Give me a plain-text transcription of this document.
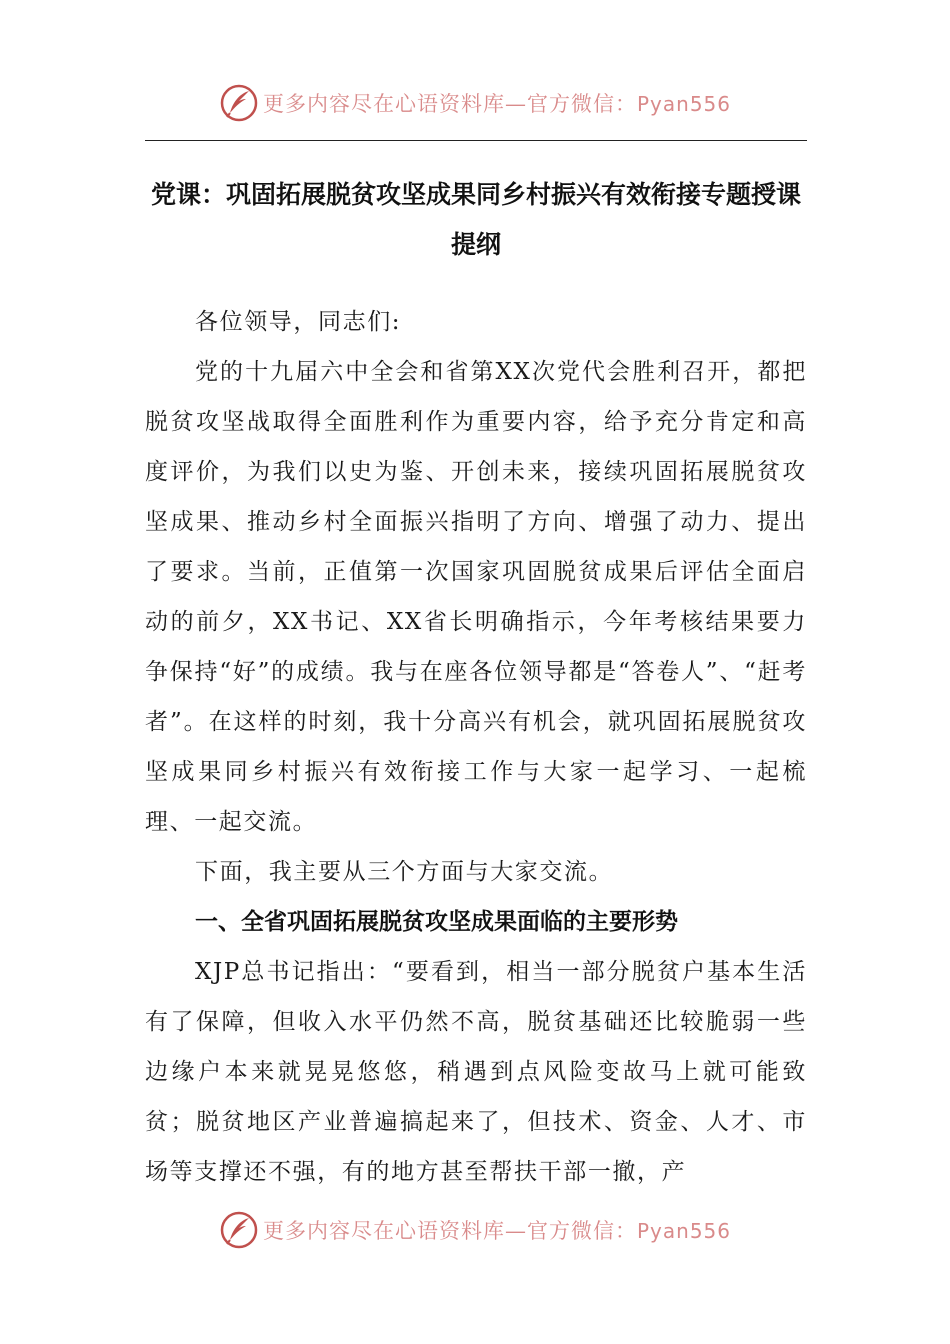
更多内容尽在心语资料库—官方微信：Pyan556
党课：巩固拓展脱贫攻坚成果同乡村振兴有效衔接专题授课提纲

各位领导，同志们:

党的十九届六中全会和省第XX次党代会胜利召开，都把脱贫攻坚战取得全面胜利作为重要内容，给予充分肯定和高度评价，为我们以史为鉴、开创未来，接续巩固拓展脱贫攻坚成果、推动乡村全面振兴指明了方向、增强了动力、提出了要求。当前，正值第一次国家巩固脱贫成果后评估全面启动的前夕，XX书记、XX省长明确指示，今年考核结果要力争保持“好”的成绩。我与在座各位领导都是“答卷人”、“赶考者”。在这样的时刻，我十分高兴有机会，就巩固拓展脱贫攻坚成果同乡村振兴有效衔接工作与大家一起学习、一起梳理、一起交流。

下面，我主要从三个方面与大家交流。

一、全省巩固拓展脱贫攻坚成果面临的主要形势

XJP总书记指出：“要看到，相当一部分脱贫户基本生活有了保障，但收入水平仍然不高，脱贫基础还比较脆弱一些边缘户本来就晃晃悠悠，稍遇到点风险变故马上就可能致贫；脱贫地区产业普遍搞起来了，但技术、资金、人才、市场等支撑还不强，有的地方甚至帮扶干部一撤，产

更多内容尽在心语资料库—官方微信：Pyan556
